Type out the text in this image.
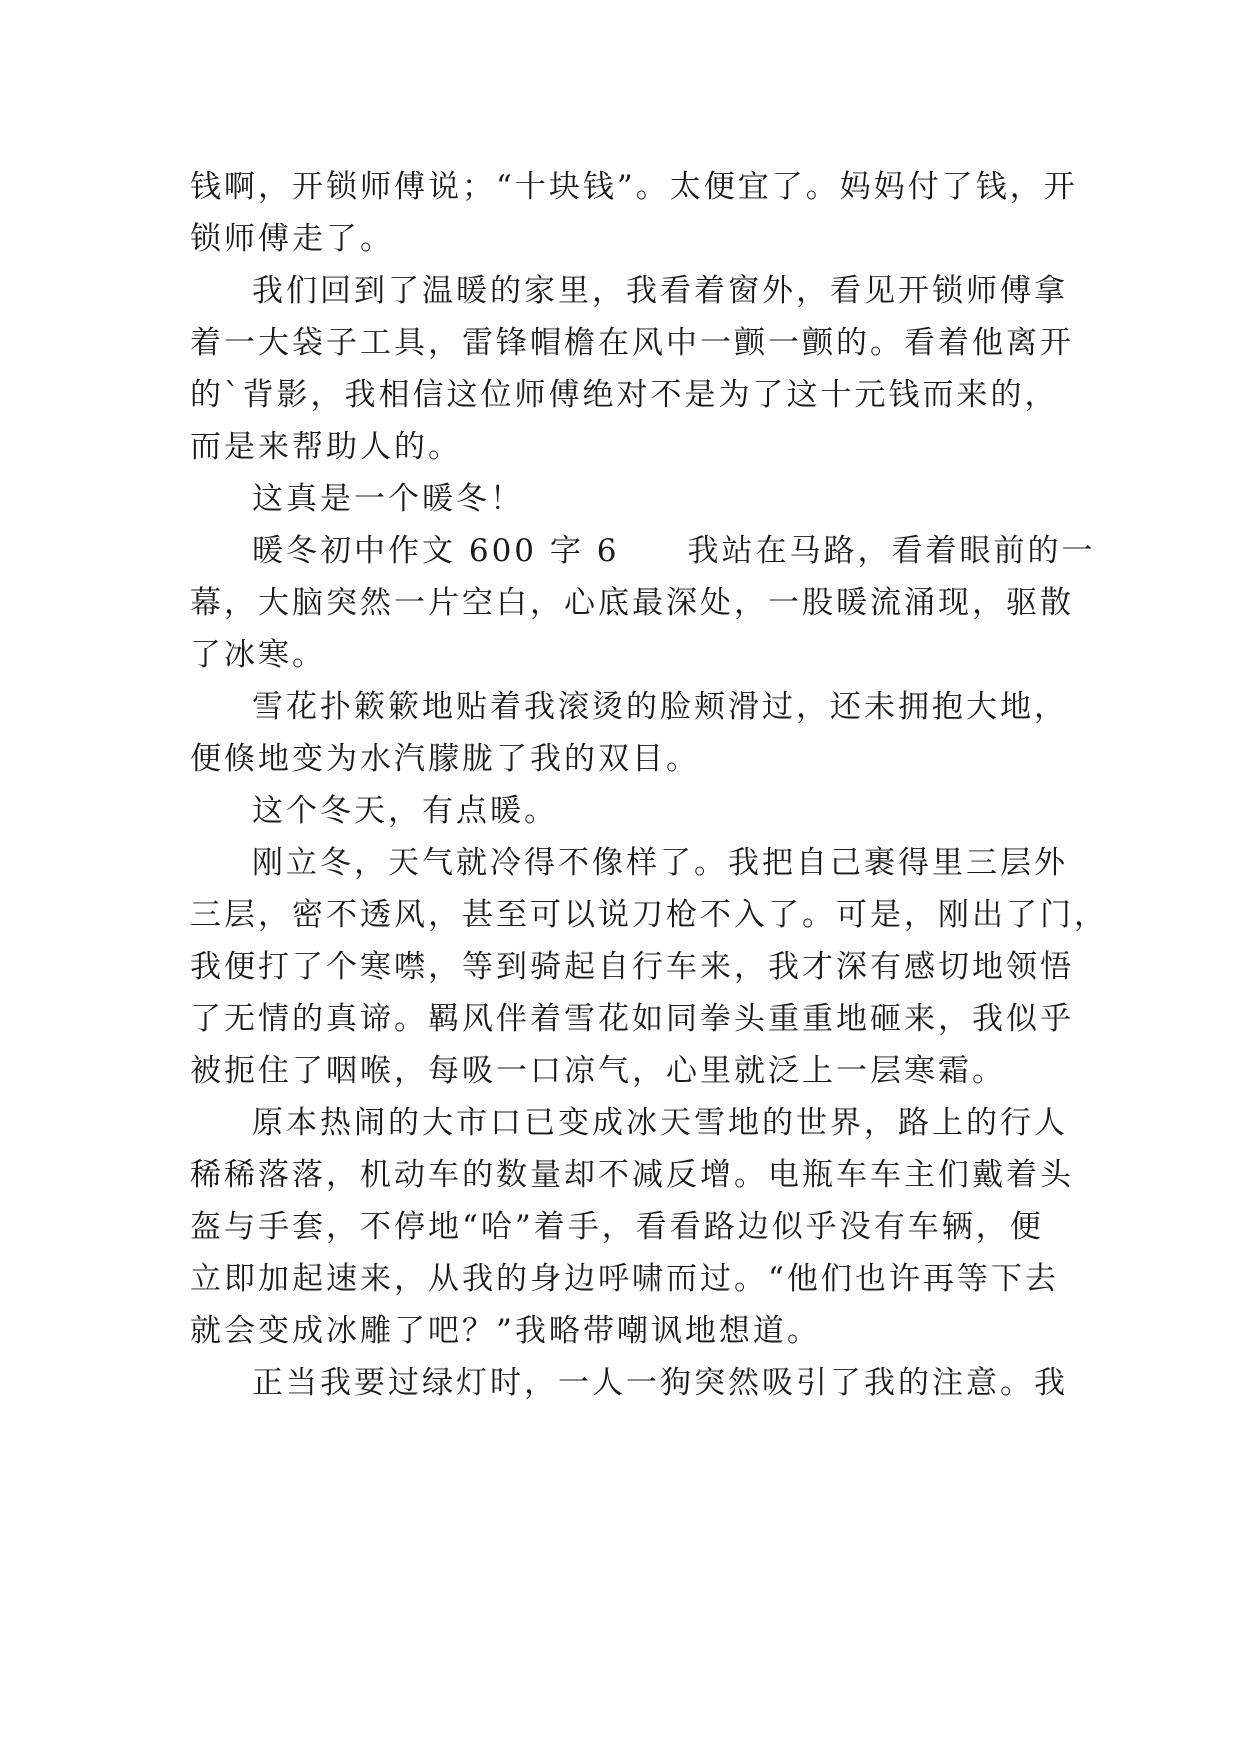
钱啊，开锁师傅说；“十块钱”。太便宜了。妈妈付了钱，开
锁师傅走了。
我们回到了温暖的家里，我看着窗外，看见开锁师傅拿
着一大袋子工具，雷锋帽檐在风中一颤一颤的。看着他离开
的`背影，我相信这位师傅绝对不是为了这十元钱而来的，
而是来帮助人的。
这真是一个暖冬！
暖冬初中作文 600 字 6　　我站在马路，看着眼前的一
幕，大脑突然一片空白，心底最深处，一股暖流涌现，驱散
了冰寒。
雪花扑簌簌地贴着我滚烫的脸颊滑过，还未拥抱大地，
便倏地变为水汽朦胧了我的双目。
这个冬天，有点暖。
刚立冬，天气就冷得不像样了。我把自己裹得里三层外
三层，密不透风，甚至可以说刀枪不入了。可是，刚出了门，
我便打了个寒噤，等到骑起自行车来，我才深有感切地领悟
了无情的真谛。羁风伴着雪花如同拳头重重地砸来，我似乎
被扼住了咽喉，每吸一口凉气，心里就泛上一层寒霜。
原本热闹的大市口已变成冰天雪地的世界，路上的行人
稀稀落落，机动车的数量却不减反增。电瓶车车主们戴着头
盔与手套，不停地“哈”着手，看看路边似乎没有车辆，便
立即加起速来，从我的身边呼啸而过。“他们也许再等下去
就会变成冰雕了吧？”我略带嘲讽地想道。
正当我要过绿灯时，一人一狗突然吸引了我的注意。我
